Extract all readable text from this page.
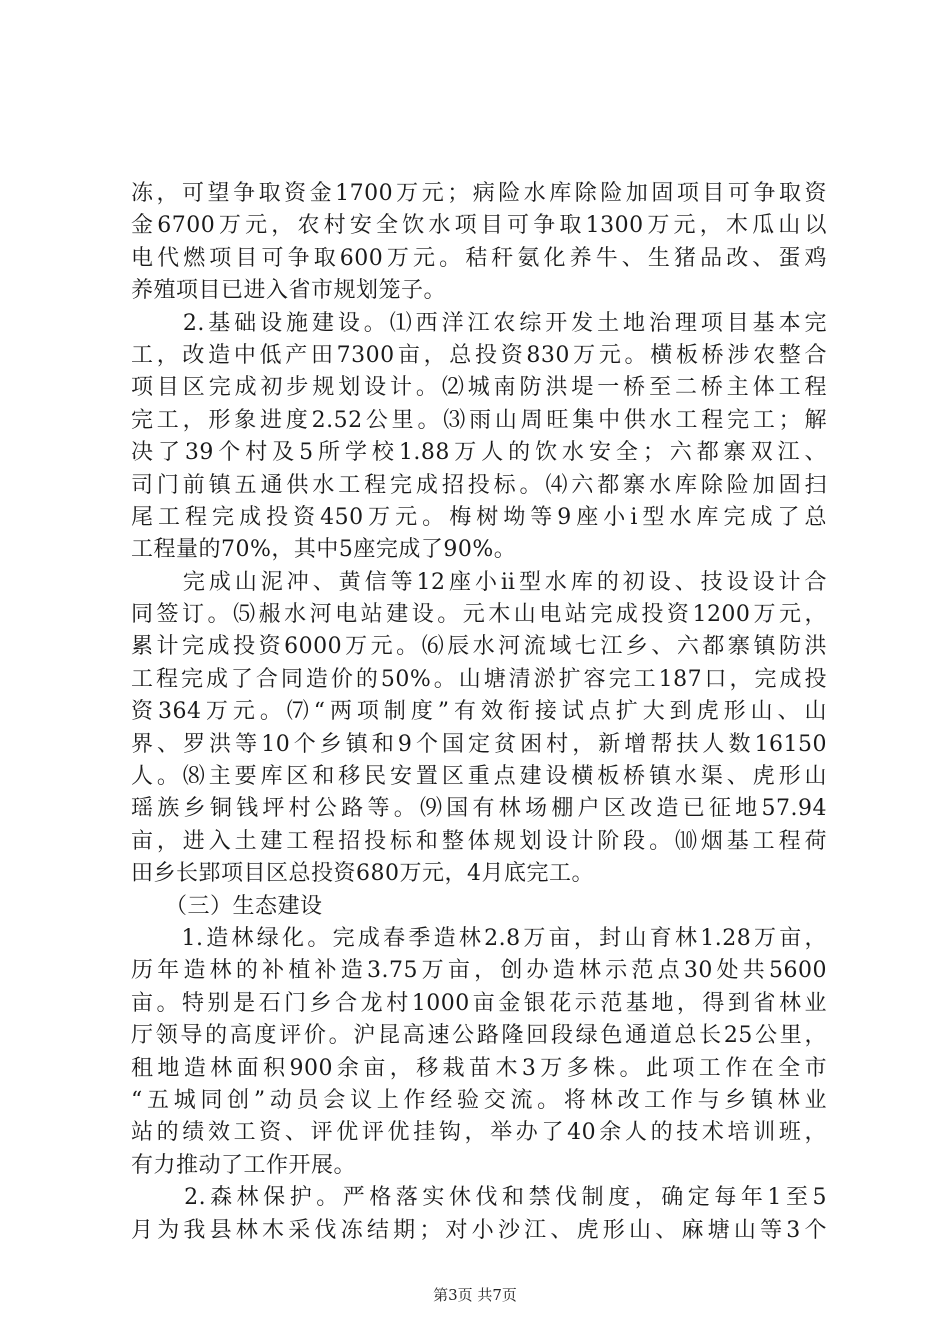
冻，可望争取资金1700万元；病险水库除险加固项目可争取资
金6700万元，农村安全饮水项目可争取1300万元，木瓜山以
电代燃项目可争取600万元。秸秆氨化养牛、生猪品改、蛋鸡
养殖项目已进入省市规划笼子。
　　2.基础设施建设。⑴西洋江农综开发土地治理项目基本完
工，改造中低产田7300亩，总投资830万元。横板桥涉农整合
项目区完成初步规划设计。⑵城南防洪堤一桥至二桥主体工程
完工，形象进度2.52公里。⑶雨山周旺集中供水工程完工；解
决了39个村及5所学校1.88万人的饮水安全；六都寨双江、
司门前镇五通供水工程完成招投标。⑷六都寨水库除险加固扫
尾工程完成投资450万元。梅树坳等9座小ⅰ型水库完成了总
工程量的70%，其中5座完成了90%。
　　完成山泥冲、黄信等12座小ⅱ型水库的初设、技设设计合
同签订。⑸赧水河电站建设。元木山电站完成投资1200万元，
累计完成投资6000万元。⑹辰水河流域七江乡、六都寨镇防洪
工程完成了合同造价的50%。山塘清淤扩容完工187口，完成投
资364万元。⑺“两项制度”有效衔接试点扩大到虎形山、山
界、罗洪等10个乡镇和9个国定贫困村，新增帮扶人数16150
人。⑻主要库区和移民安置区重点建设横板桥镇水渠、虎形山
瑶族乡铜钱坪村公路等。⑼国有林场棚户区改造已征地57.94
亩，进入土建工程招投标和整体规划设计阶段。⑽烟基工程荷
田乡长郢项目区总投资680万元，4月底完工。
　　（三）生态建设
　　1.造林绿化。完成春季造林2.8万亩，封山育林1.28万亩，
历年造林的补植补造3.75万亩，创办造林示范点30处共5600
亩。特别是石门乡合龙村1000亩金银花示范基地，得到省林业
厅领导的高度评价。沪昆高速公路隆回段绿色通道总长25公里，
租地造林面积900余亩，移栽苗木3万多株。此项工作在全市
“五城同创”动员会议上作经验交流。将林改工作与乡镇林业
站的绩效工资、评优评优挂钩，举办了40余人的技术培训班，
有力推动了工作开展。
　　2.森林保护。严格落实休伐和禁伐制度，确定每年1至5
月为我县林木采伐冻结期；对小沙江、虎形山、麻塘山等3个
第3页 共7页
